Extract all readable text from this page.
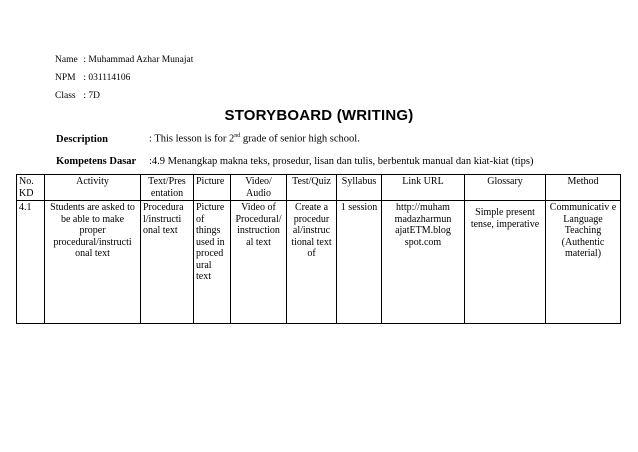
Name : Muhammad Azhar Munajat
NPM : 031114106
Class : 7D
STORYBOARD (WRITING)
Description	: This lesson is for 2nd grade of senior high school.
Kompetens Dasar :4.9 Menangkap makna teks, prosedur, lisan dan tulis, berbentuk manual dan kiat-kiat (tips)
No. KD	Activity	Text/Pres entation	Picture	Video/ Audio	Test/Quiz	Syllabus	Link URL	Glossary	Method
4.1	Students are asked to be able to make proper procedural/instructi onal text	Procedura l/instructi onal text	Picture of things used in proced ural text	Video of Procedural/ instruction al text	Create a procedur al/instruc tional text of	1 session	http://muham madazharmun ajatETM.blog spot.com	Simple present tense, imperative	Communicativ e Language Teaching (Authentic material)
